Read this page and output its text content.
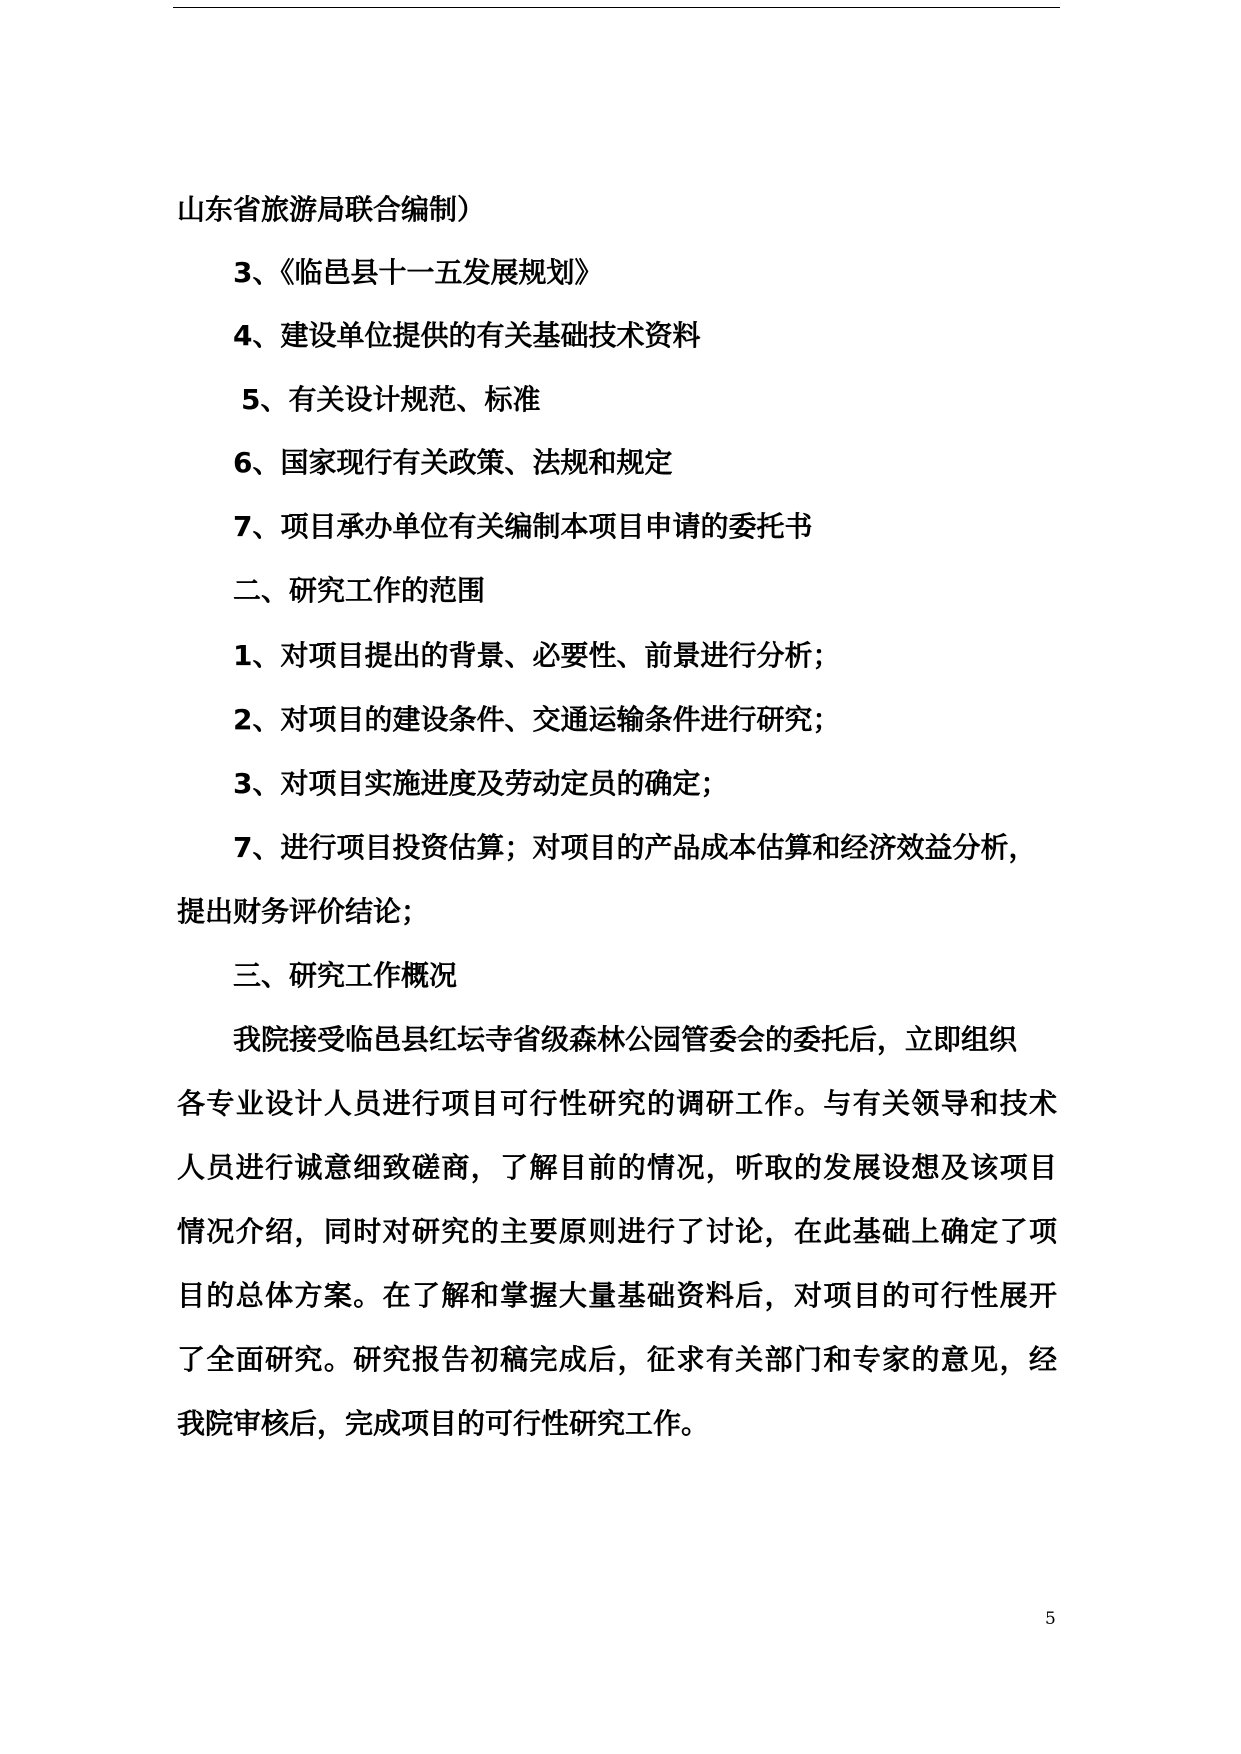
山东省旅游局联合编制）

3、《临邑县十一五发展规划》

4、建设单位提供的有关基础技术资料

5、有关设计规范、标准

6、国家现行有关政策、法规和规定

7、项目承办单位有关编制本项目申请的委托书

二、研究工作的范围

1、对项目提出的背景、必要性、前景进行分析；

2、对项目的建设条件、交通运输条件进行研究；

3、对项目实施进度及劳动定员的确定；

7、进行项目投资估算；对项目的产品成本估算和经济效益分析，

提出财务评价结论；

三、研究工作概况

我院接受临邑县红坛寺省级森林公园管委会的委托后，立即组织

各专业设计人员进行项目可行性研究的调研工作。与有关领导和技术

人员进行诚意细致磋商，了解目前的情况，听取的发展设想及该项目

情况介绍，同时对研究的主要原则进行了讨论，在此基础上确定了项

目的总体方案。在了解和掌握大量基础资料后，对项目的可行性展开

了全面研究。研究报告初稿完成后，征求有关部门和专家的意见，经

我院审核后，完成项目的可行性研究工作。

5
